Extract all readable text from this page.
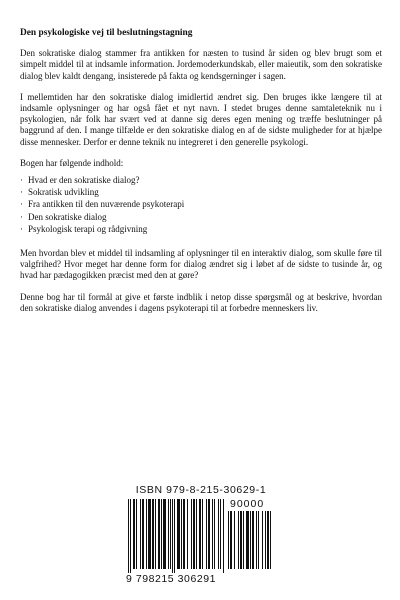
Den psykologiske vej til beslutningstagning

Den sokratiske dialog stammer fra antikken for næsten to tusind år siden og blev brugt som et simpelt middel til at indsamle information. Jordemoderkundskab, eller maieutik, som den sokratiske dialog blev kaldt dengang, insisterede på fakta og kendsgerninger i sagen.

I mellemtiden har den sokratiske dialog imidlertid ændret sig. Den bruges ikke længere til at indsamle oplysninger og har også fået et nyt navn. I stedet bruges denne samtaleteknik nu i psykologien, når folk har svært ved at danne sig deres egen mening og træffe beslutninger på baggrund af den. I mange tilfælde er den sokratiske dialog en af de sidste muligheder for at hjælpe disse mennesker. Derfor er denne teknik nu integreret i den generelle psykologi.

Bogen har følgende indhold:

· Hvad er den sokratiske dialog?
· Sokratisk udvikling
· Fra antikken til den nuværende psykoterapi
· Den sokratiske dialog
· Psykologisk terapi og rådgivning

Men hvordan blev et middel til indsamling af oplysninger til en interaktiv dialog, som skulle føre til valgfrihed? Hvor meget har denne form for dialog ændret sig i løbet af de sidste to tusinde år, og hvad har pædagogikken præcist med den at gøre?

Denne bog har til formål at give et første indblik i netop disse spørgsmål og at beskrive, hvordan den sokratiske dialog anvendes i dagens psykoterapi til at forbedre menneskers liv.

ISBN 979-8-215-30629-1
90000
9 798215 306291
